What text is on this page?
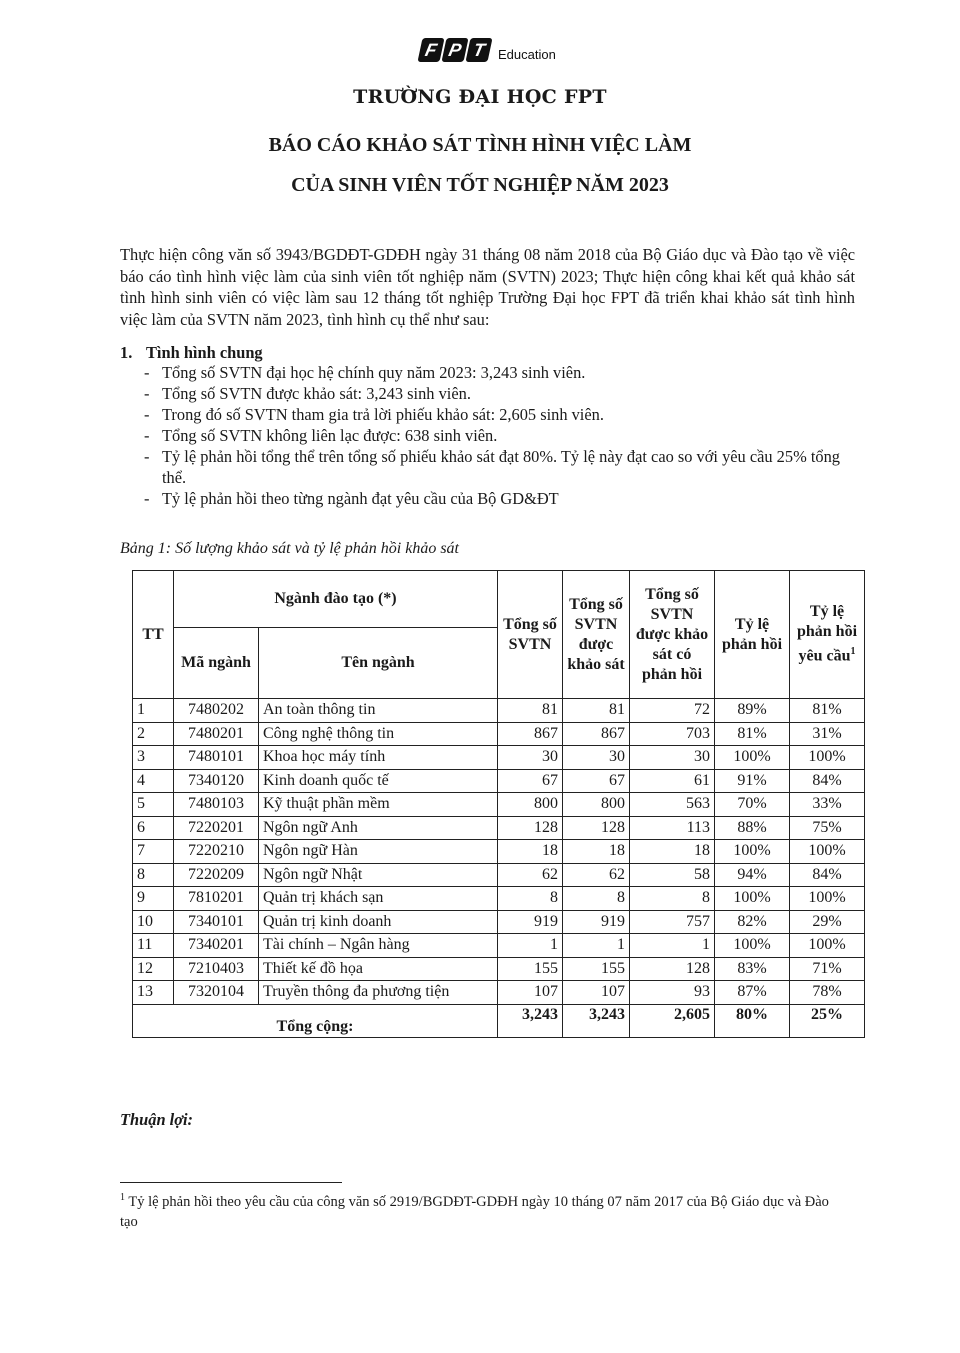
F P T Education
TRƯỜNG ĐẠI HỌC FPT
BÁO CÁO KHẢO SÁT TÌNH HÌNH VIỆC LÀM
CỦA SINH VIÊN TỐT NGHIỆP NĂM 2023
Thực hiện công văn số 3943/BGDĐT-GDĐH ngày 31 tháng 08 năm 2018 của Bộ Giáo dục và Đào tạo về việc báo cáo tình hình việc làm của sinh viên tốt nghiệp năm (SVTN) 2023; Thực hiện công khai kết quả khảo sát tình hình sinh viên có việc làm sau 12 tháng tốt nghiệp Trường Đại học FPT đã triển khai khảo sát tình hình việc làm của SVTN năm 2023, tình hình cụ thể như sau:
1. Tình hình chung
- Tổng số SVTN đại học hệ chính quy năm 2023: 3,243 sinh viên.
- Tổng số SVTN được khảo sát: 3,243 sinh viên.
- Trong đó số SVTN tham gia trả lời phiếu khảo sát: 2,605 sinh viên.
- Tổng số SVTN không liên lạc được: 638 sinh viên.
- Tỷ lệ phản hồi tổng thể trên tổng số phiếu khảo sát đạt 80%. Tỷ lệ này đạt cao so với yêu cầu 25% tổng thể.
- Tỷ lệ phản hồi theo từng ngành đạt yêu cầu của Bộ GD&ĐT
Bảng 1: Số lượng khảo sát và tỷ lệ phản hồi khảo sát
TT	Ngành đào tạo (*)		Tổng số SVTN	Tổng số SVTN được khảo sát	Tổng số SVTN được khảo sát có phản hồi	Tỷ lệ phản hồi	Tỷ lệ phản hồi yêu cầu$^1$
	Mã ngành	Tên ngành					
1	7480202	An toàn thông tin	81	81	72	89%	81%
2	7480201	Công nghệ thông tin	867	867	703	81%	31%
3	7480101	Khoa học máy tính	30	30	30	100%	100%
4	7340120	Kinh doanh quốc tế	67	67	61	91%	84%
5	7480103	Kỹ thuật phần mềm	800	800	563	70%	33%
6	7220201	Ngôn ngữ Anh	128	128	113	88%	75%
7	7220210	Ngôn ngữ Hàn	18	18	18	100%	100%
8	7220209	Ngôn ngữ Nhật	62	62	58	94%	84%
9	7810201	Quản trị khách sạn	8	8	8	100%	100%
10	7340101	Quản trị kinh doanh	919	919	757	82%	29%
11	7340201	Tài chính – Ngân hàng	1	1	1	100%	100%
12	7210403	Thiết kế đồ họa	155	155	128	83%	71%
13	7320104	Truyền thông đa phương tiện	107	107	93	87%	78%
Tổng cộng:			3,243	3,243	2,605	80%	25%
Thuận lợi:
$^1$ Tỷ lệ phản hồi theo yêu cầu của công văn số 2919/BGDĐT-GDĐH ngày 10 tháng 07 năm 2017 của Bộ Giáo dục và Đào tạo
